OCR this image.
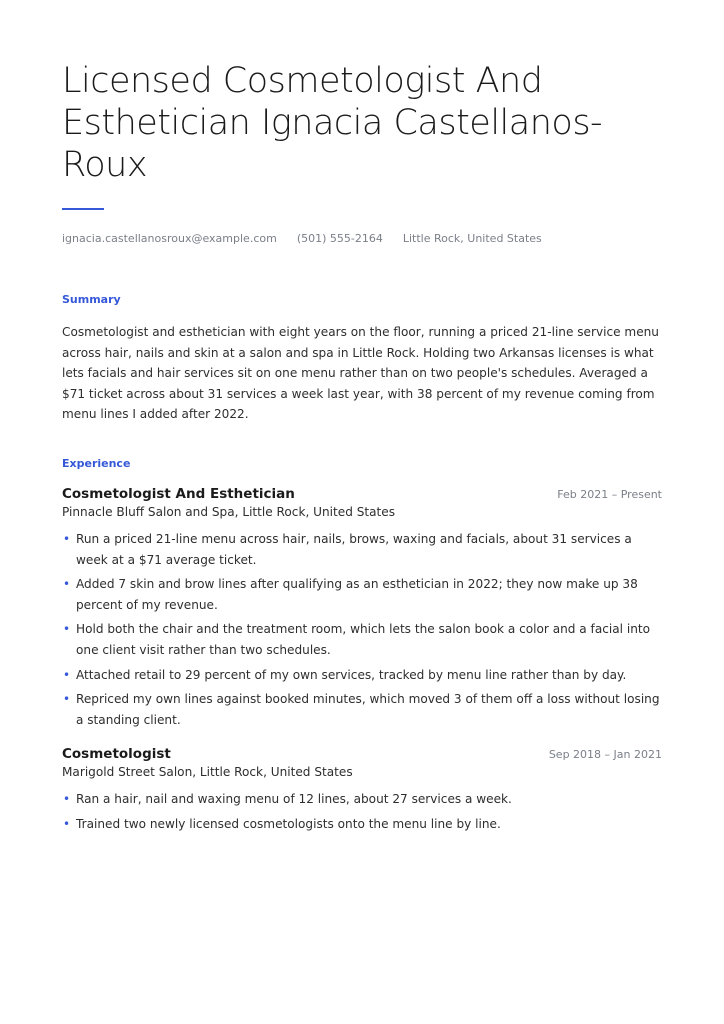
Licensed Cosmetologist And Esthetician Ignacia Castellanos-Roux
ignacia.castellanosroux@example.com (501) 555-2164 Little Rock, United States
Summary

Cosmetologist and esthetician with eight years on the floor, running a priced 21-line service menu across hair, nails and skin at a salon and spa in Little Rock. Holding two Arkansas licenses is what lets facials and hair services sit on one menu rather than on two people's schedules. Averaged a $71 ticket across about 31 services a week last year, with 38 percent of my revenue coming from menu lines I added after 2022.

Experience
Cosmetologist And Esthetician	Feb 2021 – Present
Pinnacle Bluff Salon and Spa, Little Rock, United States
• Run a priced 21-line menu across hair, nails, brows, waxing and facials, about 31 services a week at a $71 average ticket.
• Added 7 skin and brow lines after qualifying as an esthetician in 2022; they now make up 38 percent of my revenue.
• Hold both the chair and the treatment room, which lets the salon book a color and a facial into one client visit rather than two schedules.
• Attached retail to 29 percent of my own services, tracked by menu line rather than by day.
• Repriced my own lines against booked minutes, which moved 3 of them off a loss without losing a standing client.
Cosmetologist	Sep 2018 – Jan 2021
Marigold Street Salon, Little Rock, United States
• Ran a hair, nail and waxing menu of 12 lines, about 27 services a week.
• Trained two newly licensed cosmetologists onto the menu line by line.
